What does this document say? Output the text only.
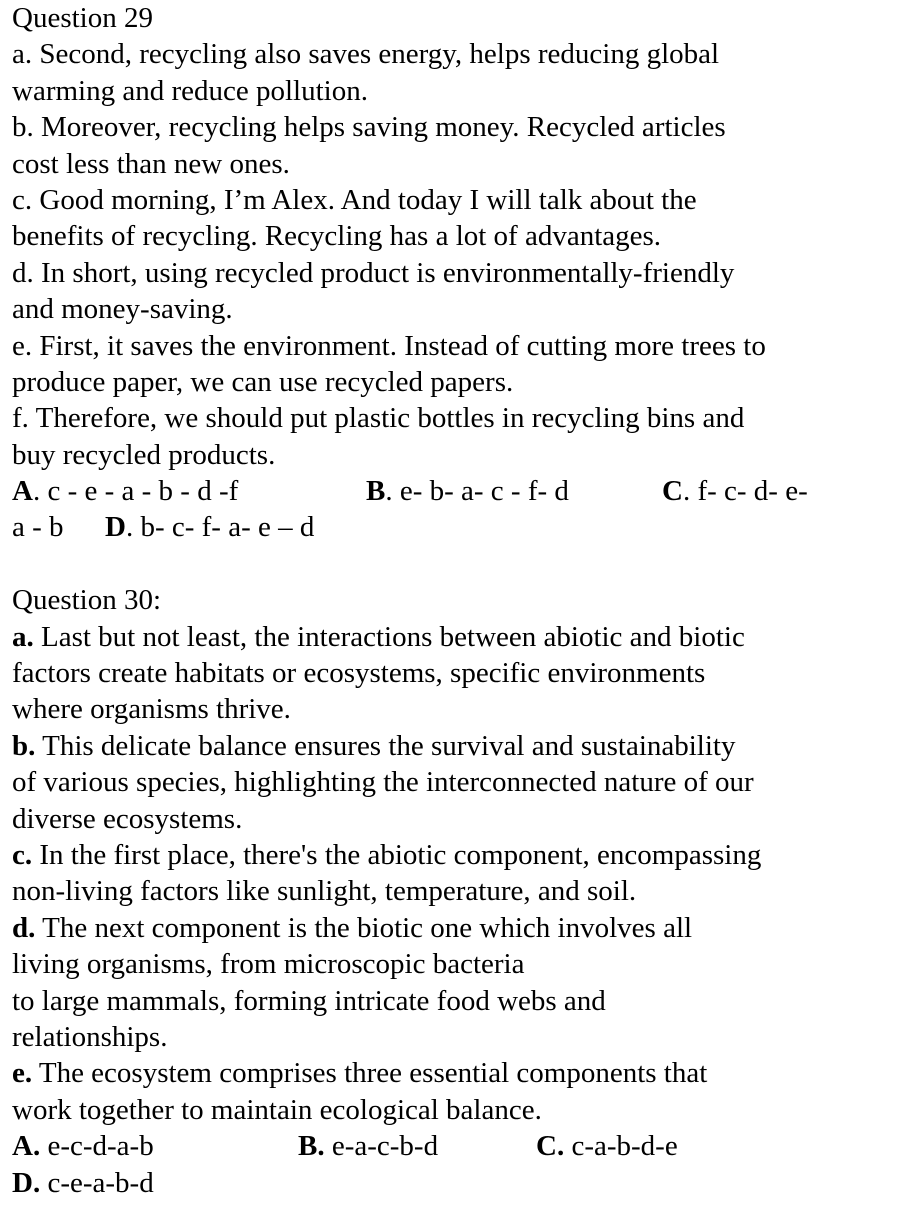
Question 29
a. Second, recycling also saves energy, helps reducing global
warming and reduce pollution.
b. Moreover, recycling helps saving money. Recycled articles
cost less than new ones.
c. Good morning, I’m Alex. And today I will talk about the
benefits of recycling. Recycling has a lot of advantages.
d. In short, using recycled product is environmentally-friendly
and money-saving.
e. First, it saves the environment. Instead of cutting more trees to
produce paper, we can use recycled papers.
f. Therefore, we should put plastic bottles in recycling bins and
buy recycled products.
A. c - e - a - b - d -f	B. e- b- a- c - f- d	C. f- c- d- e-
a - b D. b- c- f- a- e – d
Question 30:
a. Last but not least, the interactions between abiotic and biotic
factors create habitats or ecosystems, specific environments
where organisms thrive.
b. This delicate balance ensures the survival and sustainability
of various species, highlighting the interconnected nature of our
diverse ecosystems.
c. In the first place, there's the abiotic component, encompassing
non-living factors like sunlight, temperature, and soil.
d. The next component is the biotic one which involves all
living organisms, from microscopic bacteria
to large mammals, forming intricate food webs and
relationships.
e. The ecosystem comprises three essential components that
work together to maintain ecological balance.
A. e-c-d-a-b	B. e-a-c-b-d	C. c-a-b-d-e
D. c-e-a-b-d
